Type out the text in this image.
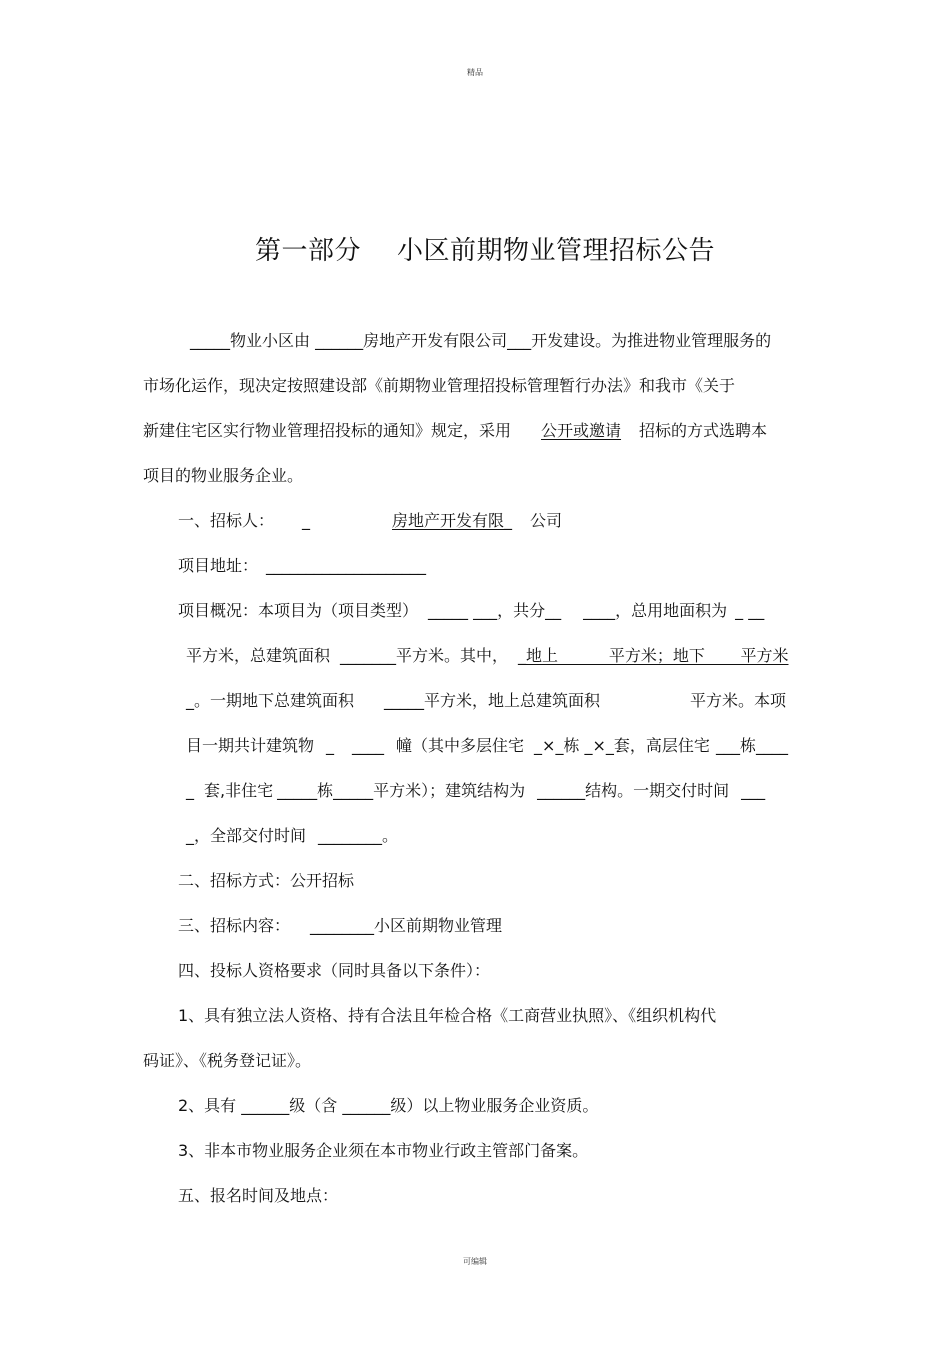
精品
第一部分 小区前期物业管理招标公告
_____物业小区由 ______房地产开发有限公司___开发建设。为推进物业管理服务的
市场化运作，现决定按照建设部《前期物业管理招投标管理暂行办法》和我市《关于
新建住宅区实行物业管理招投标的通知》规定，采用 公开或邀请 招标的方式选聘本
项目的物业服务企业。
一、招标人： _	房地产开发有限_ 公司
项目地址： ____________________
项目概况：本项目为（项目类型） _____ ___，共分__ ____，总用地面积为 _ __
平方米，总建筑面积 _______平方米。其中， _地上          平方米；地下       平方米
_。一期地下总建筑面积 _____平方米，地上总建筑面积	平方米。本项
目一期共计建筑物 _ ____ 幢（其中多层住宅 _×_栋 _×_套，高层住宅 ___栋____
_ 套,非住宅 _____栋_____平方米）；建筑结构为 ______结构。一期交付时间 ___
_，全部交付时间 ________。
二、招标方式：公开招标
三、招标内容： ________小区前期物业管理
四、投标人资格要求（同时具备以下条件）：
1、具有独立法人资格、持有合法且年检合格《工商营业执照》、《组织机构代
码证》、《税务登记证》。
2、具有 ______级（含 ______级）以上物业服务企业资质。
3、非本市物业服务企业须在本市物业行政主管部门备案。
五、报名时间及地点：
可编辑
